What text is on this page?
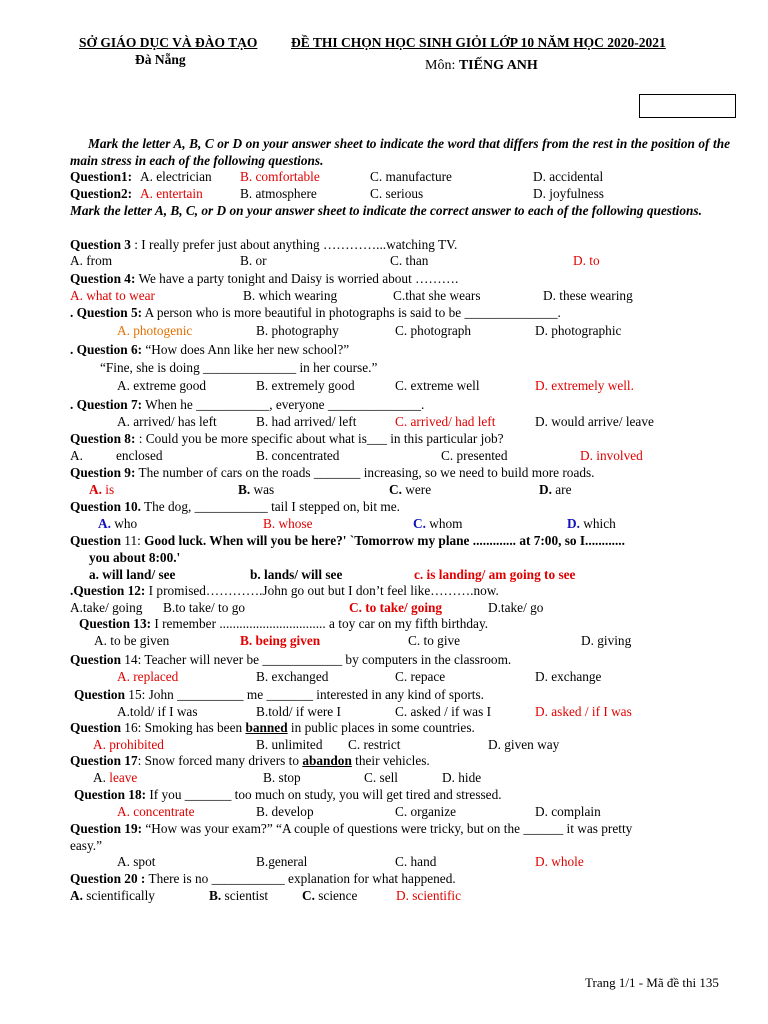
SỞ GIÁO DỤC VÀ ĐÀO TẠO
Đà Nẵng
ĐỀ THI CHỌN HỌC SINH GIỎI LỚP 10 NĂM HỌC 2020-2021
Môn: TIẾNG ANH
Mark the letter A, B, C or D on your answer sheet to indicate the word that differs from the rest in the position of the main stress in each of the following questions.
Question1: A. electrician B. comfortable	C. manufacture	D. accidental
Question2: A. entertain	B. atmosphere	C. serious	D. joyfulness
Mark the letter A, B, C, or D on your answer sheet to indicate the correct answer to each of the following questions.
Question 3 : I really prefer just about anything …………...watching TV.
A. from	B. or	C. than	D. to
Question 4: We have a party tonight and Daisy is worried about ……….
A. what to wear	B. which wearing	C.that she wears	D. these wearing
. Question 5: A person who is more beautiful in photographs is said to be ______________.
A. photogenic	B. photography	C. photograph	D. photographic
. Question 6: “How does Ann like her new school?”
“Fine, she is doing ______________ in her course.”
A. extreme good	B. extremely good	C. extreme well	D. extremely well.
. Question 7: When he ___________, everyone ______________.
A. arrived/ has left	B. had arrived/ left	C. arrived/ had left	D. would arrive/ leave
Question 8: : Could you be more specific about what is___ in this particular job?
A. enclosed	B. concentrated	C. presented	D. involved
Question 9: The number of cars on the roads _______ increasing, so we need to build more roads.
A. is	B. was	C. were	D. are
Question 10. The dog, ___________ tail I stepped on, bit me.
A. who	B. whose	C. whom	D. which
Question 11: Good luck. When will you be here?' `Tomorrow my plane ............. at 7:00, so I............
you about 8:00.'
a. will land/ see	b. lands/ will see	c. is landing/ am going to see
.Question 12: I promised………….John go out but I don’t feel like……….now.
A.take/ going B.to take/ to go	C. to take/ going	D.take/ go
Question 13: I remember ................................ a toy car on my fifth birthday.
A. to be given	B. being given	C. to give	D. giving
Question 14: Teacher will never be ____________ by computers in the classroom.
A. replaced	B. exchanged	C. repace	D. exchange
Question 15: John __________ me _______ interested in any kind of sports.
A.told/ if I was	B.told/ if were I	C. asked / if was I	D. asked / if I was
Question 16: Smoking has been banned in public places in some countries.
A. prohibited	B. unlimited C. restrict	D. given way
Question 17: Snow forced many drivers to abandon their vehicles.
A. leave	B. stop	C. sell	D. hide
Question 18: If you _______ too much on study, you will get tired and stressed.
A. concentrate	B. develop	C. organize	D. complain
Question 19: “How was your exam?” “A couple of questions were tricky, but on the ______ it was pretty
easy.”
A. spot	B.general	C. hand	D. whole
Question 20 : There is no ___________ explanation for what happened.
A. scientifically	B. scientist	C. science	D. scientific
Trang 1/1 - Mã đề thi 135
